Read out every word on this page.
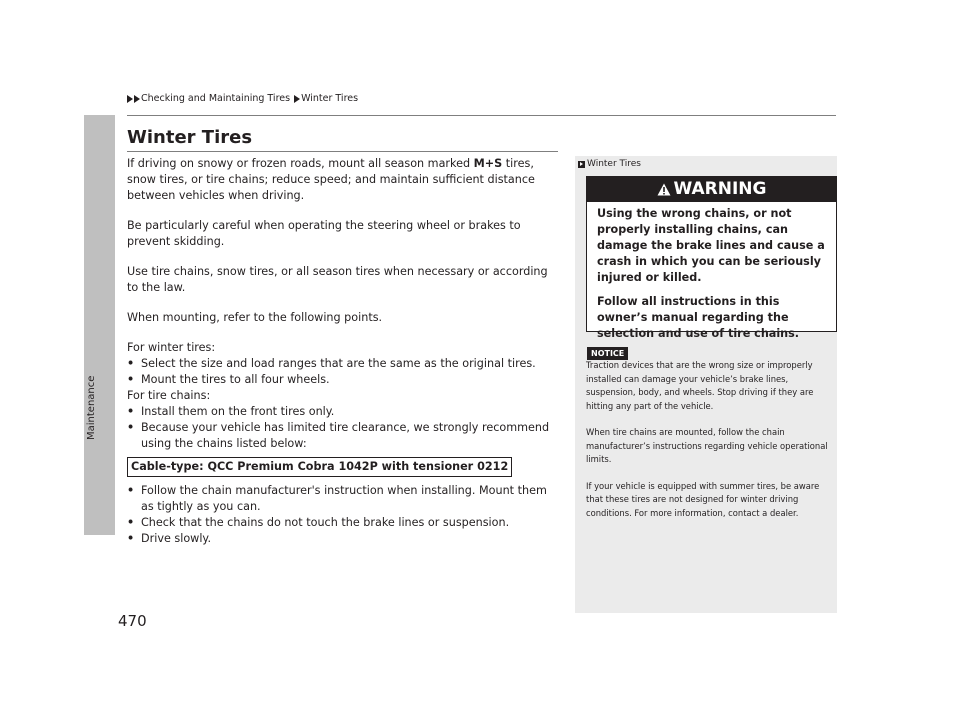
Checking and Maintaining Tires Winter Tires
Maintenance
470
Winter Tires

If driving on snowy or frozen roads, mount all season marked M+S tires, snow tires, or tire chains; reduce speed; and maintain sufficient distance between vehicles when driving.

Be particularly careful when operating the steering wheel or brakes to prevent skidding.

Use tire chains, snow tires, or all season tires when necessary or according to the law.

When mounting, refer to the following points.

For winter tires:

• Select the size and load ranges that are the same as the original tires.
• Mount the tires to all four wheels.

For tire chains:

• Install them on the front tires only.
• Because your vehicle has limited tire clearance, we strongly recommend using the chains listed below:
Cable-type: QCC Premium Cobra 1042P with tensioner 0212
• Follow the chain manufacturer's instruction when installing. Mount them as tightly as you can.
• Check that the chains do not touch the brake lines or suspension.
• Drive slowly.
Winter Tires
WARNING

Using the wrong chains, or not properly installing chains, can damage the brake lines and cause a crash in which you can be seriously injured or killed.

Follow all instructions in this owner’s manual regarding the selection and use of tire chains.

NOTICE

Traction devices that are the wrong size or improperly installed can damage your vehicle’s brake lines, suspension, body, and wheels. Stop driving if they are hitting any part of the vehicle.

When tire chains are mounted, follow the chain manufacturer’s instructions regarding vehicle operational limits.

If your vehicle is equipped with summer tires, be aware that these tires are not designed for winter driving conditions. For more information, contact a dealer.
